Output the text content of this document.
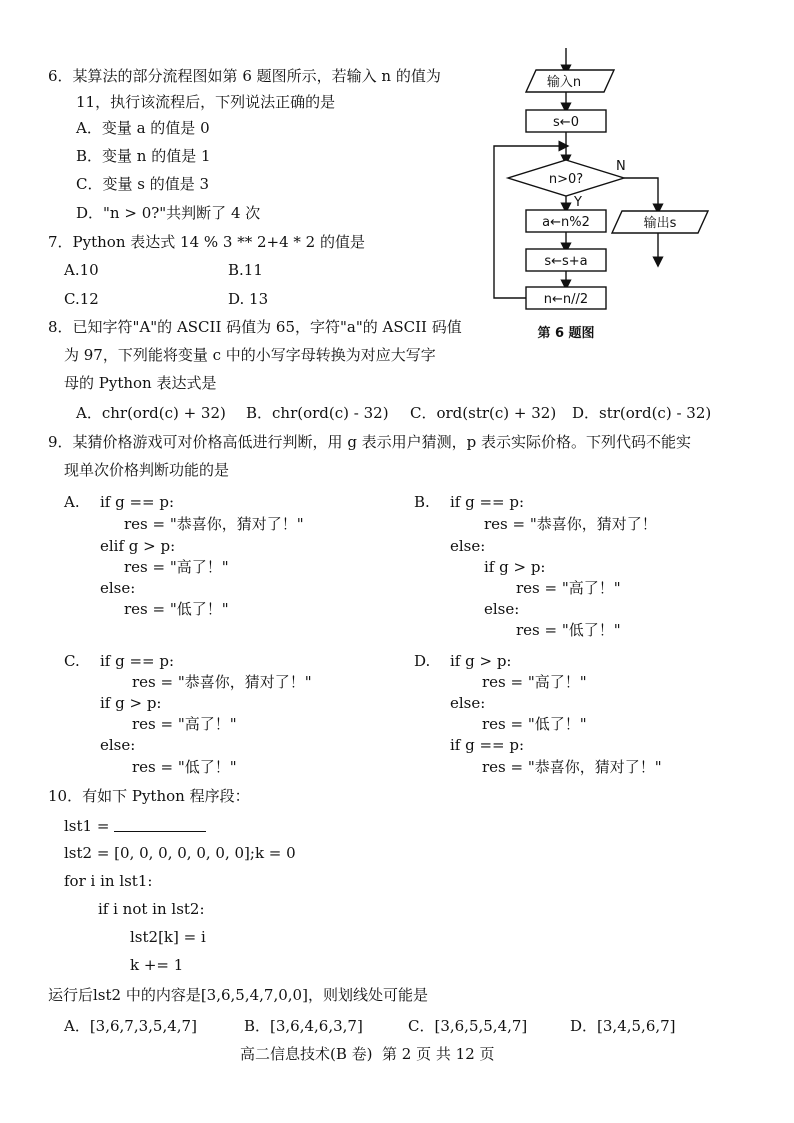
6．某算法的部分流程图如第 6 题图所示，若输入 n 的值为
11，执行该流程后，下列说法正确的是
A．变量 a 的值是 0
B．变量 n 的值是 1
C．变量 s 的值是 3
D．"n > 0?"共判断了 4 次
输入n
s←0
n>0?
Y
N
a←n%2
s←s+a
n←n//2
输出s
第 6 题图
7．Python 表达式 14 % 3 ** 2+4 * 2 的值是
A.10	B.11
C.12	D. 13
8．已知字符"A"的 ASCII 码值为 65，字符"a"的 ASCII 码值
为 97，下列能将变量 c 中的小写字母转换为对应大写字
母的 Python 表达式是
A．chr(ord(c) + 32) B．chr(ord(c) - 32) C．ord(str(c) + 32) D．str(ord(c) - 32)
9．某猜价格游戏可对价格高低进行判断，用 g 表示用户猜测，p 表示实际价格。下列代码不能实
现单次价格判断功能的是
A. if g == p:
res = "恭喜你，猜对了！"
elif g > p:
res = "高了！"
else:
res = "低了！"
B. if g == p:
res = "恭喜你，猜对了！
else:
if g > p:
res = "高了！"
else:
res = "低了！"
C. if g == p:
res = "恭喜你，猜对了！"
if g > p:
res = "高了！"
else:
res = "低了！"
D. if g > p:
res = "高了！"
else:
res = "低了！"
if g == p:
res = "恭喜你，猜对了！"
10．有如下 Python 程序段：
lst1 =
lst2 = [0, 0, 0, 0, 0, 0, 0];k = 0
for i in lst1:
if i not in lst2:
lst2[k] = i
k += 1
运行后lst2 中的内容是[3,6,5,4,7,0,0]，则划线处可能是
A．[3,6,7,3,5,4,7]	B．[3,6,4,6,3,7]	C．[3,6,5,5,4,7]	D．[3,4,5,6,7]
高二信息技术(B 卷)  第 2 页 共 12 页
